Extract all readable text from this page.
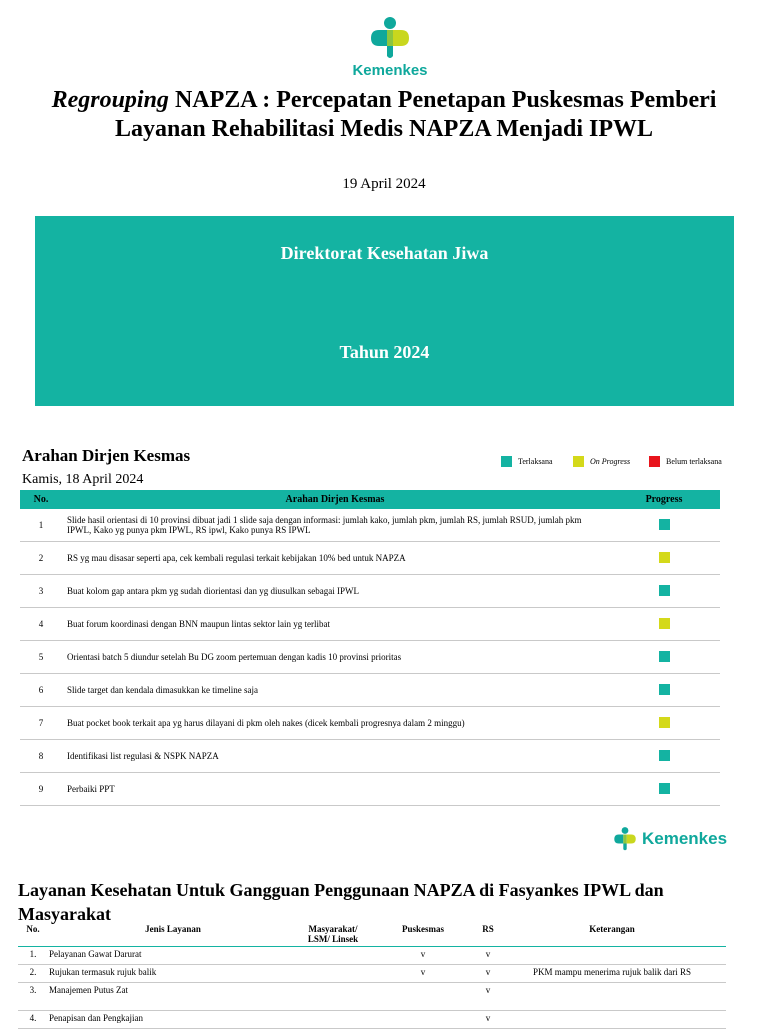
Kemenkes
Regrouping NAPZA : Percepatan Penetapan Puskesmas Pemberi Layanan Rehabilitasi Medis NAPZA Menjadi IPWL
19 April 2024
Direktorat Kesehatan Jiwa
Tahun 2024
Arahan Dirjen Kesmas
Kamis, 18 April 2024
Terlaksana	On Progress	Belum terlaksana
No.	Arahan Dirjen Kesmas	Progress
1	Slide hasil orientasi di 10 provinsi dibuat jadi 1 slide saja dengan informasi: jumlah kako, jumlah pkm, jumlah RS, jumlah RSUD, jumlah pkm IPWL, Kako yg punya pkm IPWL, RS ipwl, Kako punya RS IPWL	
2	RS yg mau disasar seperti apa, cek kembali regulasi terkait kebijakan 10% bed untuk NAPZA	
3	Buat kolom gap antara pkm yg sudah diorientasi dan yg diusulkan sebagai IPWL	
4	Buat forum koordinasi dengan BNN maupun lintas sektor lain yg terlibat	
5	Orientasi batch 5 diundur setelah Bu DG zoom pertemuan dengan kadis 10 provinsi prioritas	
6	Slide target dan kendala dimasukkan ke timeline saja	
7	Buat pocket book terkait apa yg harus dilayani di pkm oleh nakes (dicek kembali progresnya dalam 2 minggu)	
8	Identifikasi list regulasi & NSPK NAPZA	
9	Perbaiki PPT	
Kemenkes
Layanan Kesehatan Untuk Gangguan Penggunaan NAPZA di Fasyankes IPWL dan Masyarakat
No.	Jenis Layanan	Masyarakat/ LSM/ Linsek	Puskesmas	RS	Keterangan
1.	Pelayanan Gawat Darurat		v	v	
2.	Rujukan termasuk rujuk balik		v	v	PKM mampu menerima rujuk balik dari RS
3.	Manajemen Putus Zat			v	
4.	Penapisan dan Pengkajian			v	
